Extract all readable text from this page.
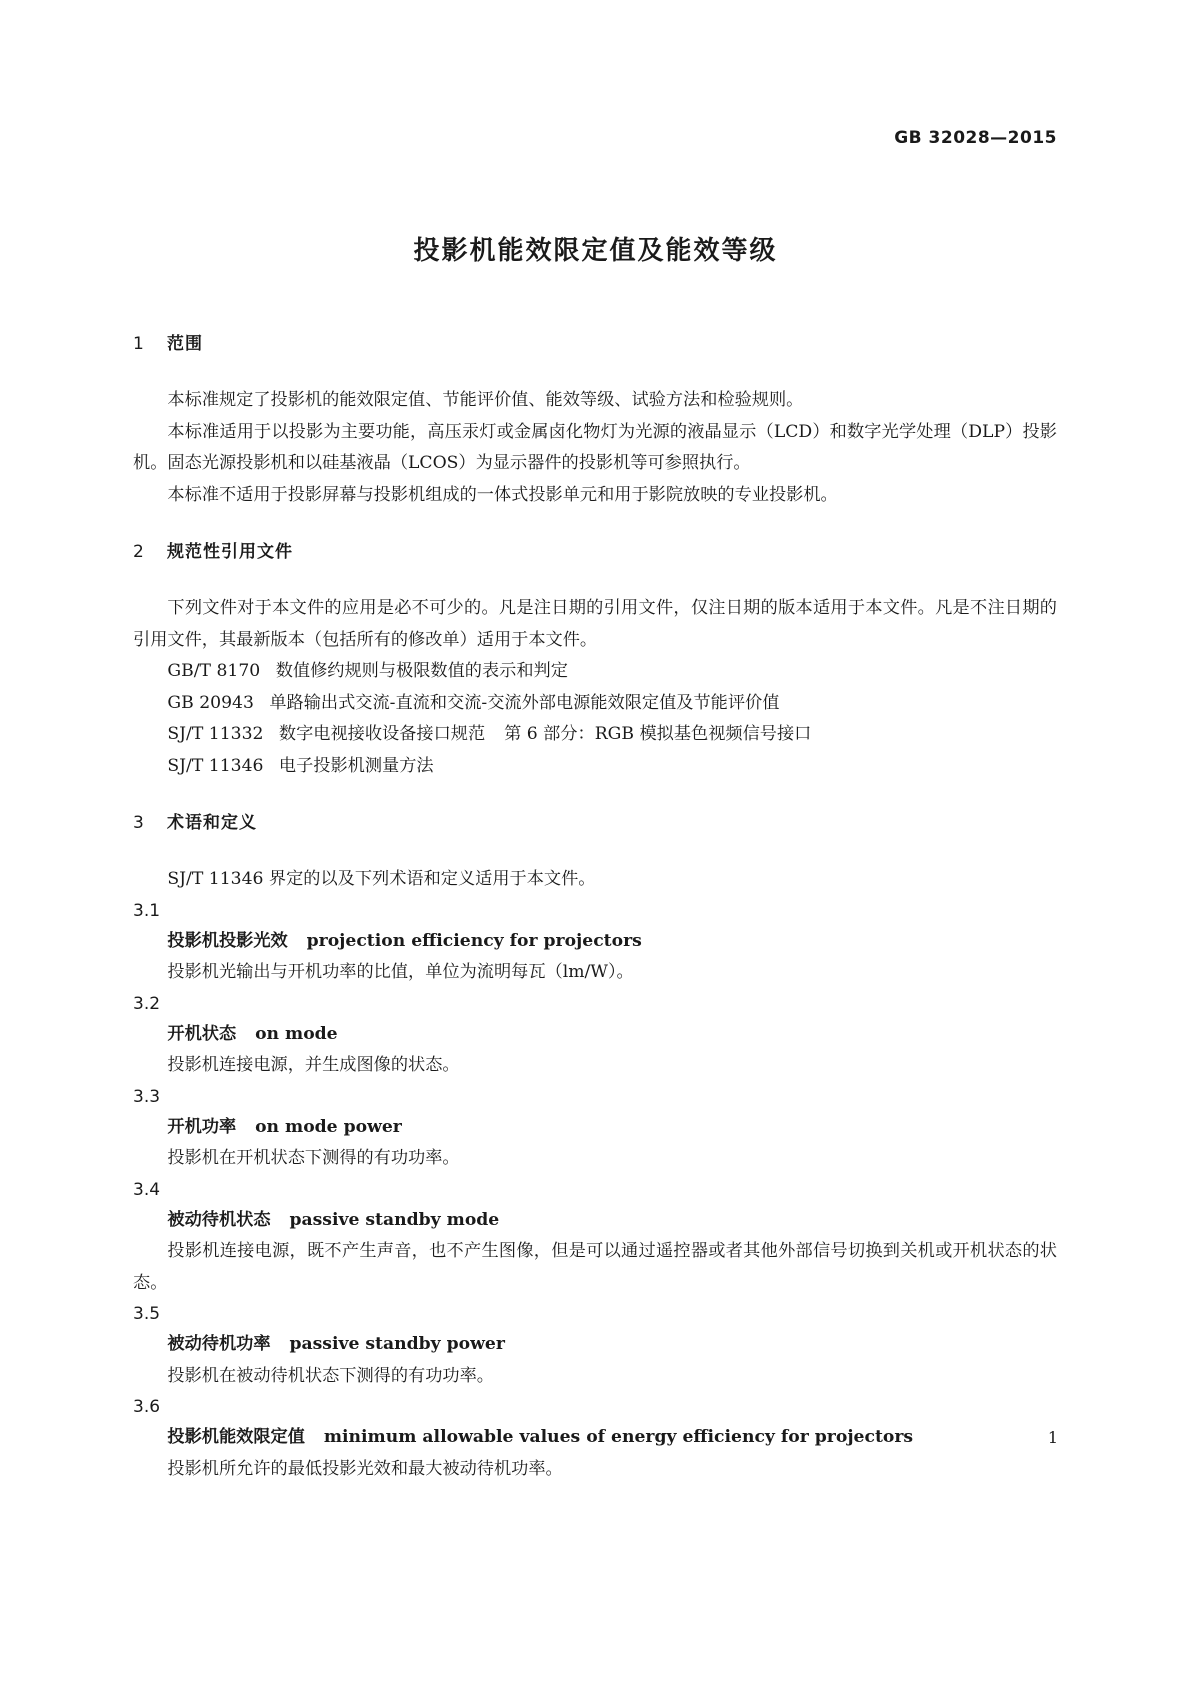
GB 32028—2015
投影机能效限定值及能效等级
1 范围

本标准规定了投影机的能效限定值、节能评价值、能效等级、试验方法和检验规则。

本标准适用于以投影为主要功能，高压汞灯或金属卤化物灯为光源的液晶显示（LCD）和数字光学处理（DLP）投影机。固态光源投影机和以硅基液晶（LCOS）为显示器件的投影机等可参照执行。

本标准不适用于投影屏幕与投影机组成的一体式投影单元和用于影院放映的专业投影机。

2 规范性引用文件

下列文件对于本文件的应用是必不可少的。凡是注日期的引用文件，仅注日期的版本适用于本文件。凡是不注日期的引用文件，其最新版本（包括所有的修改单）适用于本文件。

GB/T 8170 数值修约规则与极限数值的表示和判定
GB 20943 单路输出式交流-直流和交流-交流外部电源能效限定值及节能评价值
SJ/T 11332 数字电视接收设备接口规范 第 6 部分：RGB 模拟基色视频信号接口
SJ/T 11346 电子投影机测量方法
3 术语和定义

SJ/T 11346 界定的以及下列术语和定义适用于本文件。

3.1
投影机投影光效 projection efficiency for projectors

投影机光输出与开机功率的比值，单位为流明每瓦（lm/W）。

3.2
开机状态 on mode

投影机连接电源，并生成图像的状态。

3.3
开机功率 on mode power

投影机在开机状态下测得的有功功率。

3.4
被动待机状态 passive standby mode

投影机连接电源，既不产生声音，也不产生图像，但是可以通过遥控器或者其他外部信号切换到关机或开机状态的状态。

3.5
被动待机功率 passive standby power

投影机在被动待机状态下测得的有功功率。

3.6
投影机能效限定值 minimum allowable values of energy efficiency for projectors

投影机所允许的最低投影光效和最大被动待机功率。

1
